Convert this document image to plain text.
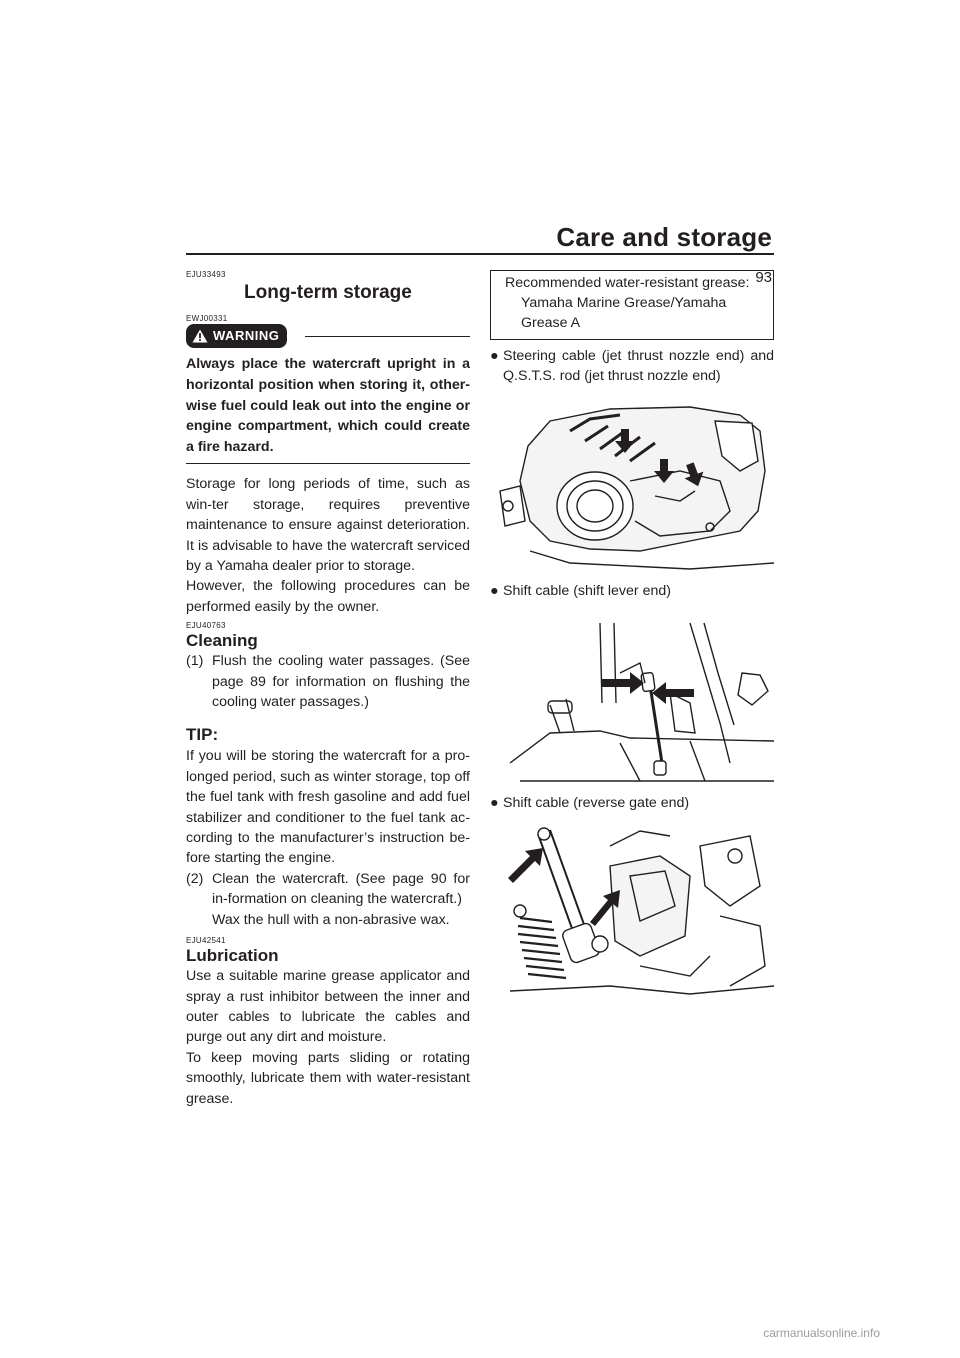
Care and storage
93
EJU33493
Long-term storage
EWJ00331
WARNING
Always place the watercraft upright in a horizontal position when storing it, other-wise fuel could leak out into the engine or engine compartment, which could create a fire hazard.

Storage for long periods of time, such as win-ter storage, requires preventive maintenance to ensure against deterioration. It is advisable to have the watercraft serviced by a Yamaha dealer prior to storage.

However, the following procedures can be performed easily by the owner.

EJU40763
Cleaning
(1) Flush the cooling water passages. (See page 89 for information on flushing the cooling water passages.)
TIP:

If you will be storing the watercraft for a pro-longed period, such as winter storage, top off the fuel tank with fresh gasoline and add fuel stabilizer and conditioner to the fuel tank ac-cording to the manufacturer’s instruction be-fore starting the engine.

(2) Clean the watercraft. (See page 90 for in-formation on cleaning the watercraft.)
Wax the hull with a non-abrasive wax.
EJU42541
Lubrication

Use a suitable marine grease applicator and spray a rust inhibitor between the inner and outer cables to lubricate the cables and purge out any dirt and moisture.

To keep moving parts sliding or rotating smoothly, lubricate them with water-resistant grease.

Recommended water-resistant grease:
Yamaha Marine Grease/Yamaha
Grease A
● Steering cable (jet thrust nozzle end) and Q.S.T.S. rod (jet thrust nozzle end)
● Shift cable (shift lever end)
● Shift cable (reverse gate end)
carmanualsonline.info
